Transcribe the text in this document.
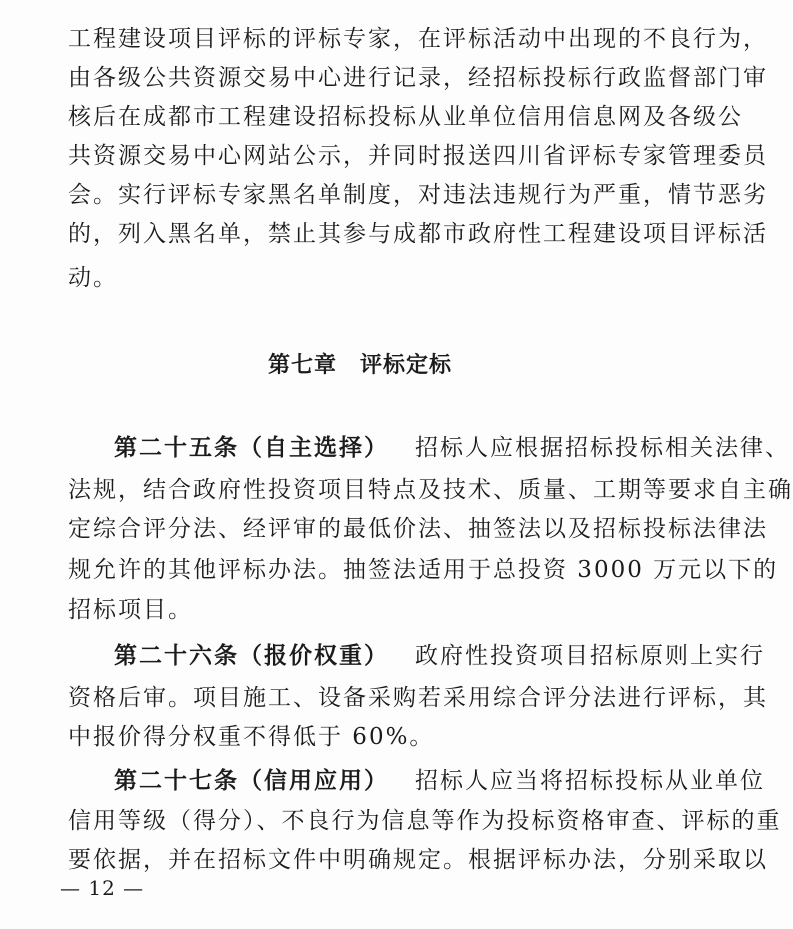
工程建设项目评标的评标专家，在评标活动中出现的不良行为，
由各级公共资源交易中心进行记录，经招标投标行政监督部门审
核后在成都市工程建设招标投标从业单位信用信息网及各级公
共资源交易中心网站公示，并同时报送四川省评标专家管理委员
会。实行评标专家黑名单制度，对违法违规行为严重，情节恶劣
的，列入黑名单，禁止其参与成都市政府性工程建设项目评标活
动。
第七章　评标定标
第二十五条（自主选择） 招标人应根据招标投标相关法律、
法规，结合政府性投资项目特点及技术、质量、工期等要求自主确
定综合评分法、经评审的最低价法、抽签法以及招标投标法律法
规允许的其他评标办法。抽签法适用于总投资 3000 万元以下的
招标项目。
第二十六条（报价权重） 政府性投资项目招标原则上实行
资格后审。项目施工、设备采购若采用综合评分法进行评标，其
中报价得分权重不得低于 60%。
第二十七条（信用应用） 招标人应当将招标投标从业单位
信用等级（得分）、不良行为信息等作为投标资格审查、评标的重
要依据，并在招标文件中明确规定。根据评标办法，分别采取以
— 12 —
